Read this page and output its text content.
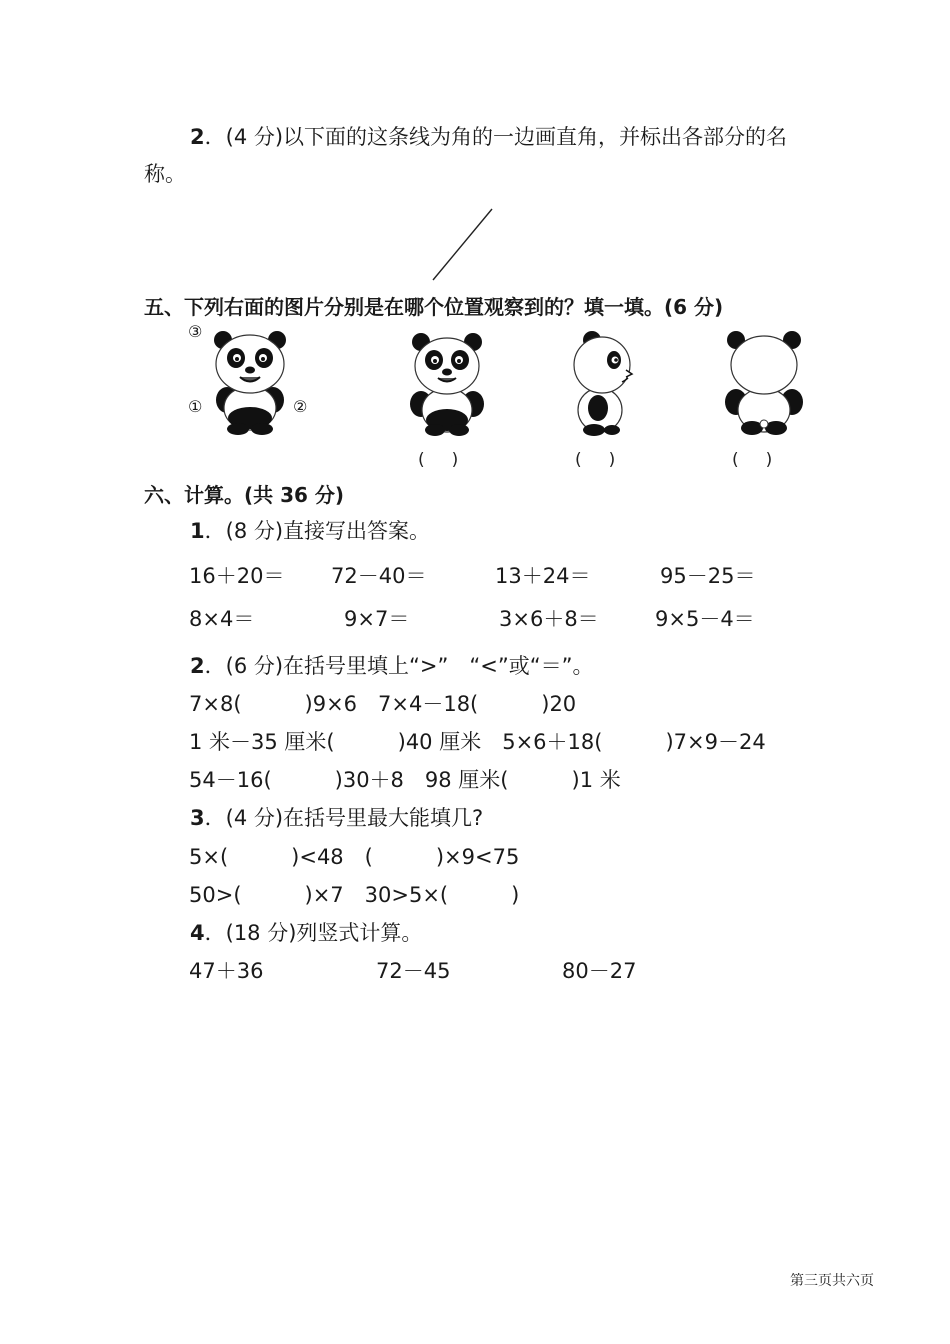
2．(4 分)以下面的这条线为角的一边画直角，并标出各部分的名
称。
五、下列右面的图片分别是在哪个位置观察到的？填一填。(6 分)
③
①	②
(     )	(     )	(     )
六、计算。(共 36 分)
1．(8 分)直接写出答案。
16＋20＝ 72－40＝	13＋24＝	95－25＝
8×4＝	9×7＝	3×6＋8＝	9×5－4＝
2．(6 分)在括号里填上“>”　“<”或“＝”。
7×8(　　　)9×6　7×4－18(　　　)20
1 米－35 厘米(　　　)40 厘米　5×6＋18(　　　)7×9－24
54－16(　　　)30＋8　98 厘米(　　　)1 米
3．(4 分)在括号里最大能填几?
5×(　　　)<48　(　　　)×9<75
50>(　　　)×7　30>5×(　　　)
4．(18 分)列竖式计算。
47＋36	72－45	80－27
第三页共六页
